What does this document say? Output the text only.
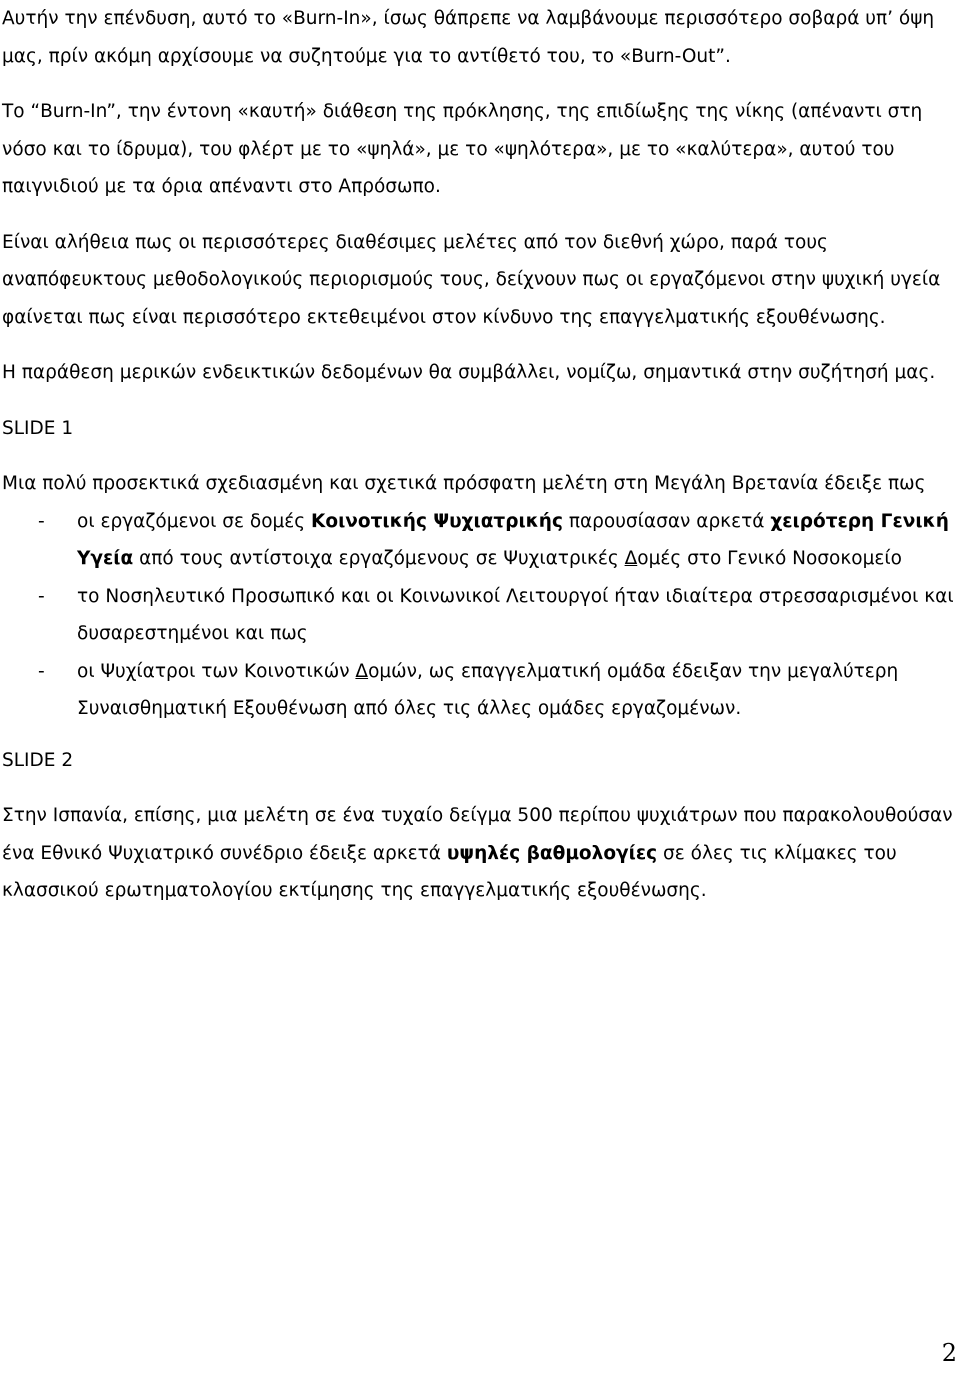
Αυτήν την επένδυση, αυτό το «Burn-In», ίσως θάπρεπε να λαμβάνουμε περισσότερο σοβαρά υπ’ όψη μας, πρίν ακόμη αρχίσουμε να συζητούμε για το αντίθετό του, το «Burn-Out”.

Το “Burn-In”, την έντονη «καυτή» διάθεση της πρόκλησης, της επιδίωξης της νίκης (απέναντι στη νόσο και το ίδρυμα), του φλέρτ με το «ψηλά», με το «ψηλότερα», με το «καλύτερα», αυτού του παιγνιδιού με τα όρια απέναντι στο Απρόσωπο.

Είναι αλήθεια πως οι περισσότερες διαθέσιμες μελέτες από τον διεθνή χώρο, παρά τους αναπόφευκτους μεθοδολογικούς περιορισμούς τους, δείχνουν πως οι εργαζόμενοι στην ψυχική υγεία φαίνεται πως είναι περισσότερο εκτεθειμένοι στον κίνδυνο της επαγγελματικής εξουθένωσης.

Η παράθεση μερικών ενδεικτικών δεδομένων θα συμβάλλει, νομίζω, σημαντικά στην συζήτησή μας.

SLIDE 1

Μια πολύ προσεκτικά σχεδιασμένη και σχετικά πρόσφατη μελέτη στη Μεγάλη Βρετανία έδειξε πως

- οι εργαζόμενοι σε δομές Κοινοτικής Ψυχιατρικής παρουσίασαν αρκετά χειρότερη Γενική Υγεία από τους αντίστοιχα εργαζόμενους σε Ψυχιατρικές Δομές στο Γενικό Νοσοκομείο
- το Νοσηλευτικό Προσωπικό και οι Κοινωνικοί Λειτουργοί ήταν ιδιαίτερα στρεσσαρισμένοι και δυσαρεστημένοι και πως
- οι Ψυχίατροι των Κοινοτικών Δομών, ως επαγγελματική ομάδα έδειξαν την μεγαλύτερη Συναισθηματική Εξουθένωση από όλες τις άλλες ομάδες εργαζομένων.

SLIDE 2

Στην Ισπανία, επίσης, μια μελέτη σε ένα τυχαίο δείγμα 500 περίπου ψυχιάτρων που παρακολουθούσαν ένα Εθνικό Ψυχιατρικό συνέδριο έδειξε αρκετά υψηλές βαθμολογίες σε όλες τις κλίμακες του κλασσικού ερωτηματολογίου εκτίμησης της επαγγελματικής εξουθένωσης.

2
